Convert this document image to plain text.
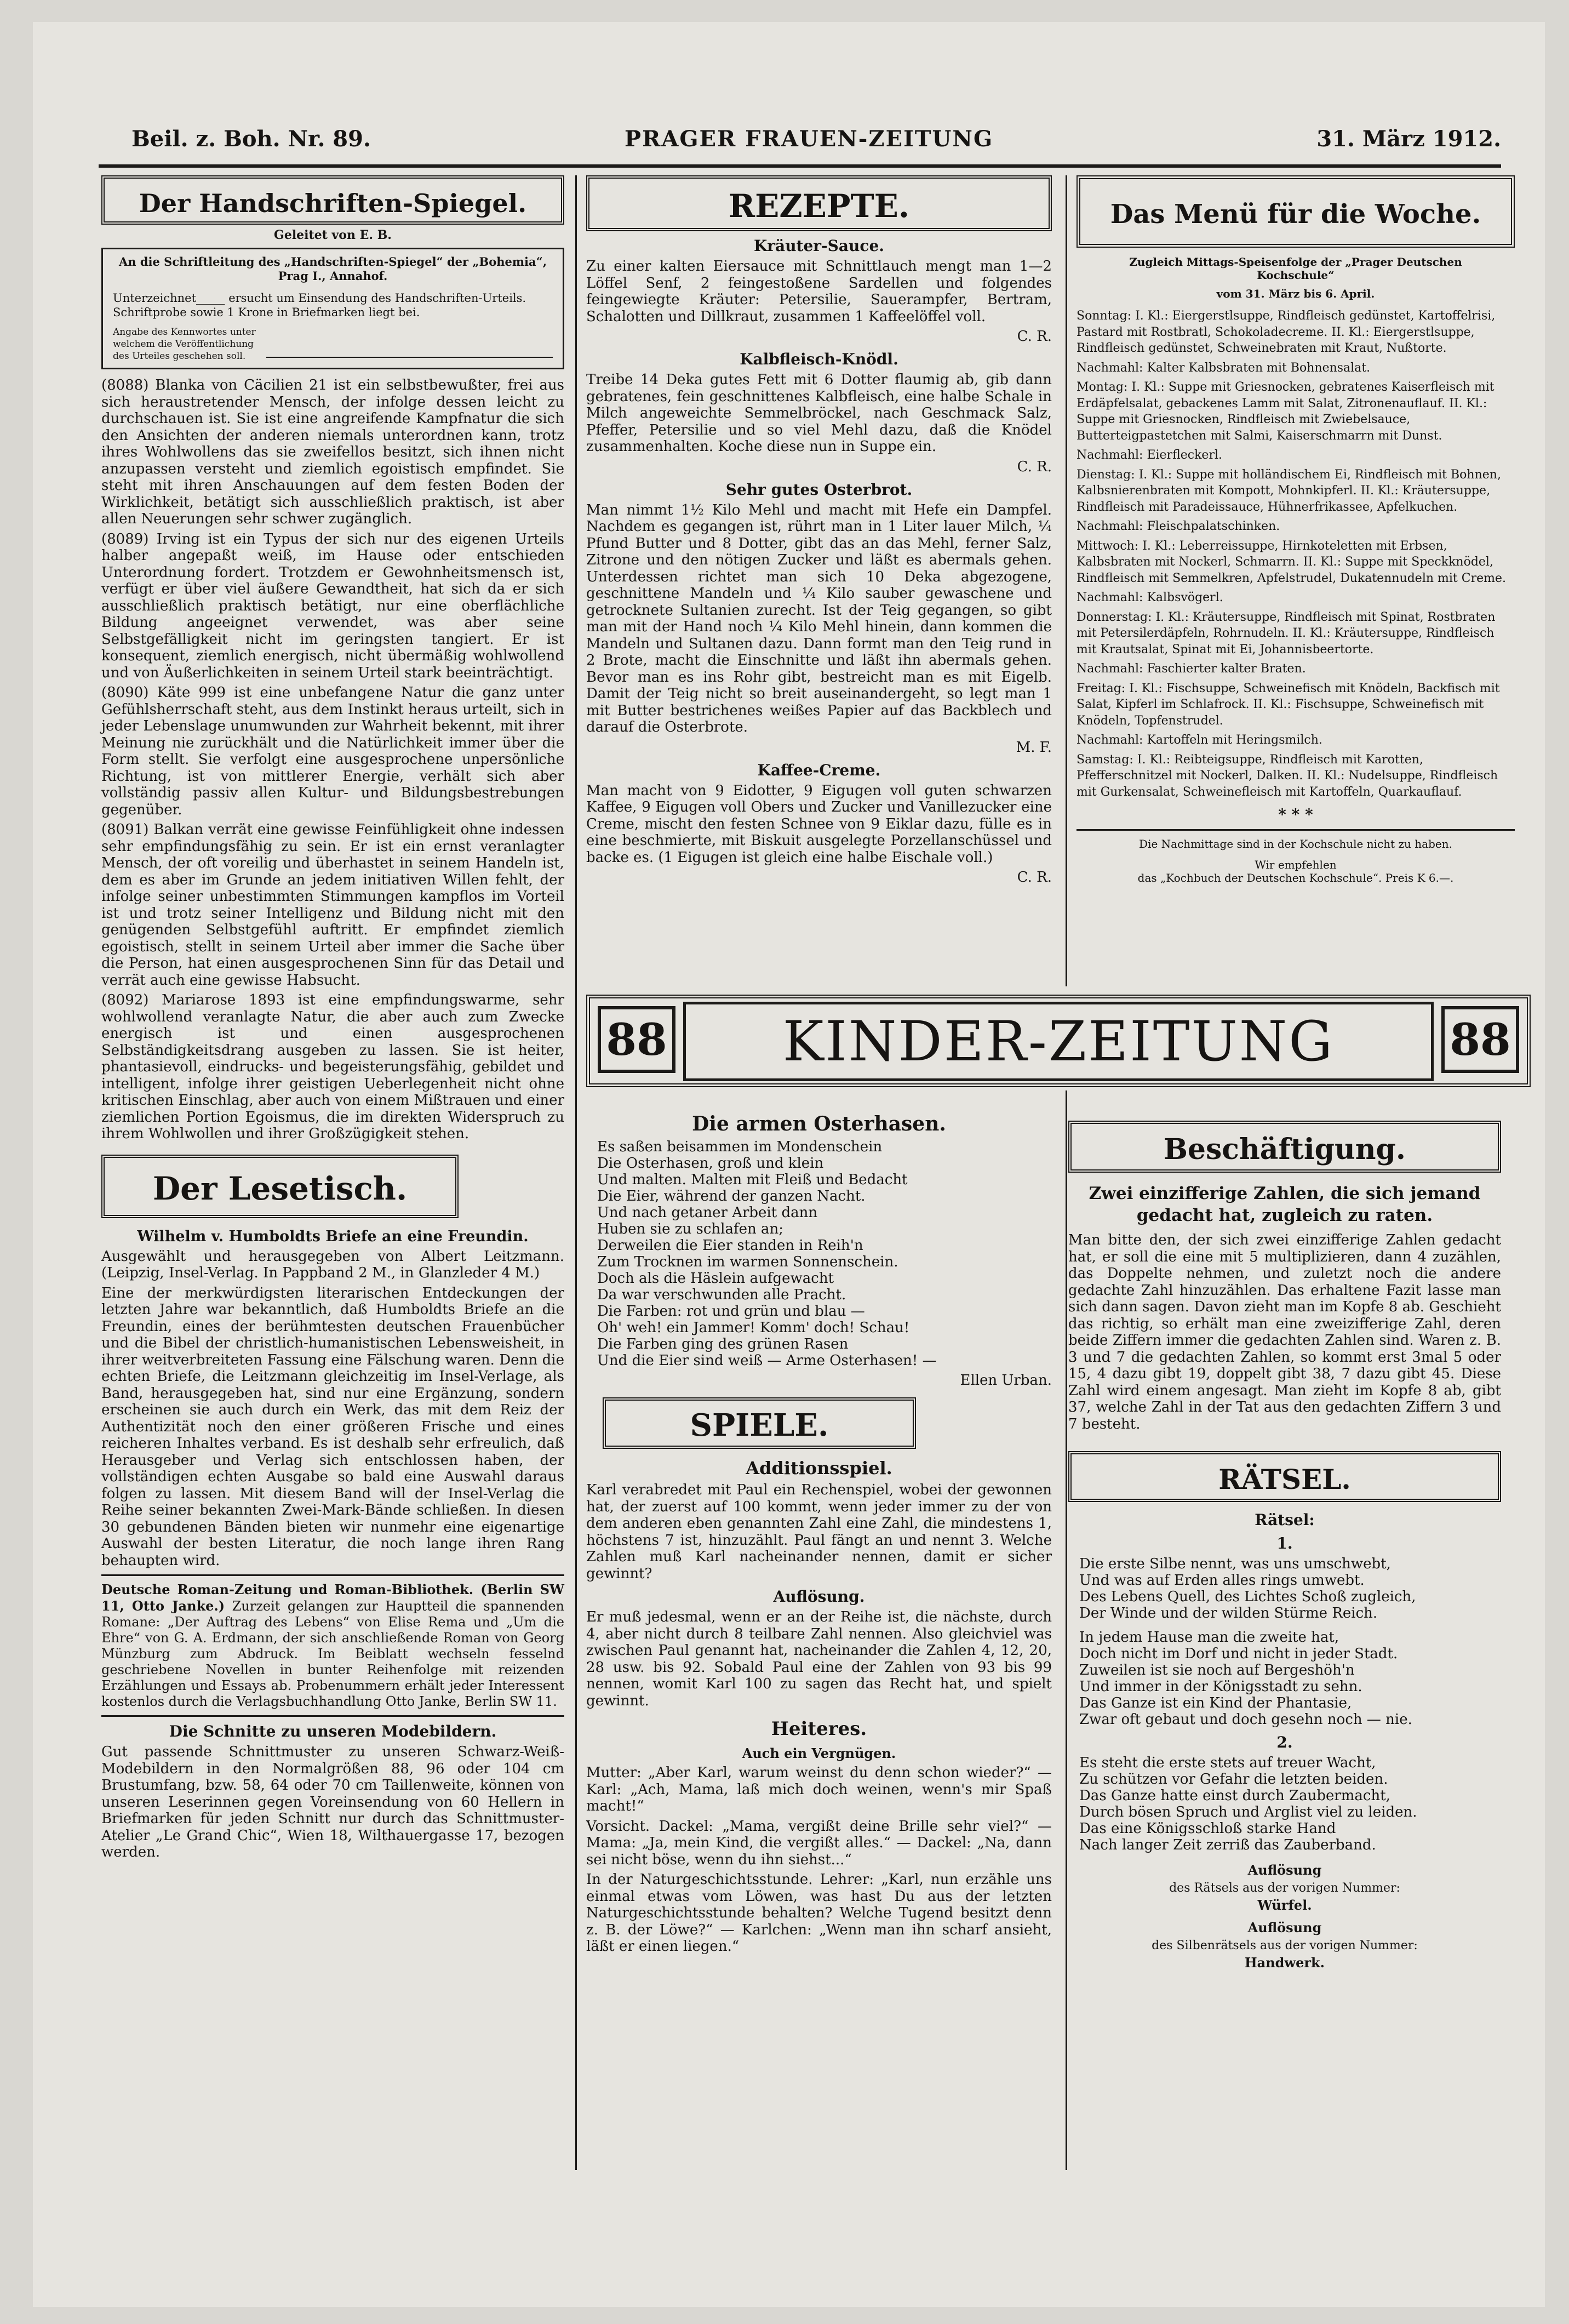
Beil. z. Boh. Nr. 89.	PRAGER FRAUEN-ZEITUNG	31. März 1912.
Der Handschriften-Spiegel.
Geleitet von E. B.
An die Schriftleitung des „Handschriften-Spiegel“ der „Bohemia“, Prag I., Annahof.
Unterzeichnet_____ ersucht um Einsendung des Handschriften-Urteils. Schriftprobe sowie 1 Krone in Briefmarken liegt bei.
Angabe des Kennwortes unter welchem die Veröffentlichung des Urteiles geschehen soll.

(8088) Blanka von Cäcilien 21 ist ein selbstbewußter, frei aus sich heraustretender Mensch, der infolge dessen leicht zu durchschauen ist. Sie ist eine angreifende Kampfnatur die sich den Ansichten der anderen niemals unterordnen kann, trotz ihres Wohlwollens das sie zweifellos besitzt, sich ihnen nicht anzupassen versteht und ziemlich egoistisch empfindet. Sie steht mit ihren Anschauungen auf dem festen Boden der Wirklichkeit, betätigt sich ausschließlich praktisch, ist aber allen Neuerungen sehr schwer zugänglich.

(8089) Irving ist ein Typus der sich nur des eigenen Urteils halber angepaßt weiß, im Hause oder entschieden Unterordnung fordert. Trotzdem er Gewohnheitsmensch ist, verfügt er über viel äußere Gewandtheit, hat sich da er sich ausschließlich praktisch betätigt, nur eine oberflächliche Bildung angeeignet verwendet, was aber seine Selbstgefälligkeit nicht im geringsten tangiert. Er ist konsequent, ziemlich energisch, nicht übermäßig wohlwollend und von Äußerlichkeiten in seinem Urteil stark beeinträchtigt.

(8090) Käte 999 ist eine unbefangene Natur die ganz unter Gefühlsherrschaft steht, aus dem Instinkt heraus urteilt, sich in jeder Lebenslage unumwunden zur Wahrheit bekennt, mit ihrer Meinung nie zurückhält und die Natürlichkeit immer über die Form stellt. Sie verfolgt eine ausgesprochene unpersönliche Richtung, ist von mittlerer Energie, verhält sich aber vollständig passiv allen Kultur- und Bildungsbestrebungen gegenüber.

(8091) Balkan verrät eine gewisse Feinfühligkeit ohne indessen sehr empfindungsfähig zu sein. Er ist ein ernst veranlagter Mensch, der oft voreilig und überhastet in seinem Handeln ist, dem es aber im Grunde an jedem initiativen Willen fehlt, der infolge seiner unbestimmten Stimmungen kampflos im Vorteil ist und trotz seiner Intelligenz und Bildung nicht mit den genügenden Selbstgefühl auftritt. Er empfindet ziemlich egoistisch, stellt in seinem Urteil aber immer die Sache über die Person, hat einen ausgesprochenen Sinn für das Detail und verrät auch eine gewisse Habsucht.

(8092) Mariarose 1893 ist eine empfindungswarme, sehr wohlwollend veranlagte Natur, die aber auch zum Zwecke energisch ist und einen ausgesprochenen Selbständigkeitsdrang ausgeben zu lassen. Sie ist heiter, phantasievoll, eindrucks- und begeisterungsfähig, gebildet und intelligent, infolge ihrer geistigen Ueberlegenheit nicht ohne kritischen Einschlag, aber auch von einem Mißtrauen und einer ziemlichen Portion Egoismus, die im direkten Widerspruch zu ihrem Wohlwollen und ihrer Großzügigkeit stehen.

Der Lesetisch.
Wilhelm v. Humboldts Briefe an eine Freundin.

Ausgewählt und herausgegeben von Albert Leitzmann. (Leipzig, Insel-Verlag. In Pappband 2 M., in Glanzleder 4 M.)

Eine der merkwürdigsten literarischen Entdeckungen der letzten Jahre war bekanntlich, daß Humboldts Briefe an die Freundin, eines der berühmtesten deutschen Frauenbücher und die Bibel der christlich-humanistischen Lebensweisheit, in ihrer weitverbreiteten Fassung eine Fälschung waren. Denn die echten Briefe, die Leitzmann gleichzeitig im Insel-Verlage, als Band, herausgegeben hat, sind nur eine Ergänzung, sondern erscheinen sie auch durch ein Werk, das mit dem Reiz der Authentizität noch den einer größeren Frische und eines reicheren Inhaltes verband. Es ist deshalb sehr erfreulich, daß Herausgeber und Verlag sich entschlossen haben, der vollständigen echten Ausgabe so bald eine Auswahl daraus folgen zu lassen. Mit diesem Band will der Insel-Verlag die Reihe seiner bekannten Zwei-Mark-Bände schließen. In diesen 30 gebundenen Bänden bieten wir nunmehr eine eigenartige Auswahl der besten Literatur, die noch lange ihren Rang behaupten wird.

Deutsche Roman-Zeitung und Roman-Bibliothek. (Berlin SW 11, Otto Janke.) Zurzeit gelangen zur Hauptteil die spannenden Romane: „Der Auftrag des Lebens“ von Elise Rema und „Um die Ehre“ von G. A. Erdmann, der sich anschließende Roman von Georg Münzburg zum Abdruck. Im Beiblatt wechseln fesselnd geschriebene Novellen in bunter Reihenfolge mit reizenden Erzählungen und Essays ab. Probenummern erhält jeder Interessent kostenlos durch die Verlagsbuchhandlung Otto Janke, Berlin SW 11.

Die Schnitte zu unseren Modebildern.

Gut passende Schnittmuster zu unseren Schwarz-Weiß-Modebildern in den Normalgrößen 88, 96 oder 104 cm Brustumfang, bzw. 58, 64 oder 70 cm Taillenweite, können von unseren Leserinnen gegen Voreinsendung von 60 Hellern in Briefmarken für jeden Schnitt nur durch das Schnittmuster-Atelier „Le Grand Chic“, Wien 18, Wilthauergasse 17, bezogen werden.

REZEPTE.
Kräuter-Sauce.

Zu einer kalten Eiersauce mit Schnittlauch mengt man 1—2 Löffel Senf, 2 feingestoßene Sardellen und folgendes feingewiegte Kräuter: Petersilie, Sauerampfer, Bertram, Schalotten und Dillkraut, zusammen 1 Kaffeelöffel voll.

C. R.
Kalbfleisch-Knödl.

Treibe 14 Deka gutes Fett mit 6 Dotter flaumig ab, gib dann gebratenes, fein geschnittenes Kalbfleisch, eine halbe Schale in Milch angeweichte Semmelbröckel, nach Geschmack Salz, Pfeffer, Petersilie und so viel Mehl dazu, daß die Knödel zusammenhalten. Koche diese nun in Suppe ein.

C. R.
Sehr gutes Osterbrot.

Man nimmt 1½ Kilo Mehl und macht mit Hefe ein Dampfel. Nachdem es gegangen ist, rührt man in 1 Liter lauer Milch, ¼ Pfund Butter und 8 Dotter, gibt das an das Mehl, ferner Salz, Zitrone und den nötigen Zucker und läßt es abermals gehen. Unterdessen richtet man sich 10 Deka abgezogene, geschnittene Mandeln und ¼ Kilo sauber gewaschene und getrocknete Sultanien zurecht. Ist der Teig gegangen, so gibt man mit der Hand noch ¼ Kilo Mehl hinein, dann kommen die Mandeln und Sultanen dazu. Dann formt man den Teig rund in 2 Brote, macht die Einschnitte und läßt ihn abermals gehen. Bevor man es ins Rohr gibt, bestreicht man es mit Eigelb. Damit der Teig nicht so breit auseinandergeht, so legt man 1 mit Butter bestrichenes weißes Papier auf das Backblech und darauf die Osterbrote.

M. F.
Kaffee-Creme.

Man macht von 9 Eidotter, 9 Eigugen voll guten schwarzen Kaffee, 9 Eigugen voll Obers und Zucker und Vanillezucker eine Creme, mischt den festen Schnee von 9 Eiklar dazu, fülle es in eine beschmierte, mit Biskuit ausgelegte Porzellanschüssel und backe es. (1 Eigugen ist gleich eine halbe Eischale voll.)

C. R.
Das Menü für die Woche.
Zugleich Mittags-Speisenfolge der „Prager Deutschen Kochschule“
vom 31. März bis 6. April.

Sonntag: I. Kl.: Eiergerstlsuppe, Rindfleisch gedünstet, Kartoffelrisi, Pastard mit Rostbratl, Schokoladecreme. II. Kl.: Eiergerstlsuppe, Rindfleisch gedünstet, Schweinebraten mit Kraut, Nußtorte.

Nachmahl: Kalter Kalbsbraten mit Bohnensalat.

Montag: I. Kl.: Suppe mit Griesnocken, gebratenes Kaiserfleisch mit Erdäpfelsalat, gebackenes Lamm mit Salat, Zitronenauflauf. II. Kl.: Suppe mit Griesnocken, Rindfleisch mit Zwiebelsauce, Butterteigpastetchen mit Salmi, Kaiserschmarrn mit Dunst.

Nachmahl: Eierfleckerl.

Dienstag: I. Kl.: Suppe mit holländischem Ei, Rindfleisch mit Bohnen, Kalbsnierenbraten mit Kompott, Mohnkipferl. II. Kl.: Kräutersuppe, Rindfleisch mit Paradeissauce, Hühnerfrikassee, Apfelkuchen.

Nachmahl: Fleischpalatschinken.

Mittwoch: I. Kl.: Leberreissuppe, Hirnkoteletten mit Erbsen, Kalbsbraten mit Nockerl, Schmarrn. II. Kl.: Suppe mit Speckknödel, Rindfleisch mit Semmelkren, Apfelstrudel, Dukatennudeln mit Creme.

Nachmahl: Kalbsvögerl.

Donnerstag: I. Kl.: Kräutersuppe, Rindfleisch mit Spinat, Rostbraten mit Petersilerdäpfeln, Rohrnudeln. II. Kl.: Kräutersuppe, Rindfleisch mit Krautsalat, Spinat mit Ei, Johannisbeertorte.

Nachmahl: Faschierter kalter Braten.

Freitag: I. Kl.: Fischsuppe, Schweinefisch mit Knödeln, Backfisch mit Salat, Kipferl im Schlafrock. II. Kl.: Fischsuppe, Schweinefisch mit Knödeln, Topfenstrudel.

Nachmahl: Kartoffeln mit Heringsmilch.

Samstag: I. Kl.: Reibteigsuppe, Rindfleisch mit Karotten, Pfefferschnitzel mit Nockerl, Dalken. II. Kl.: Nudelsuppe, Rindfleisch mit Gurkensalat, Schweinefleisch mit Kartoffeln, Quarkauflauf.

* * *
Die Nachmittage sind in der Kochschule nicht zu haben.
Wir empfehlen
das „Kochbuch der Deutschen Kochschule“. Preis K 6.—.
88	KINDER-ZEITUNG	88
Die armen Osterhasen.
Es saßen beisammen im Mondenschein
Die Osterhasen, groß und klein
Und malten. Malten mit Fleiß und Bedacht
Die Eier, während der ganzen Nacht.
Und nach getaner Arbeit dann
Huben sie zu schlafen an;
Derweilen die Eier standen in Reih'n
Zum Trocknen im warmen Sonnenschein.
Doch als die Häslein aufgewacht
Da war verschwunden alle Pracht.
Die Farben: rot und grün und blau —
Oh' weh! ein Jammer! Komm' doch! Schau!
Die Farben ging des grünen Rasen
Und die Eier sind weiß — Arme Osterhasen! —
Ellen Urban.
SPIELE.
Additionsspiel.

Karl verabredet mit Paul ein Rechenspiel, wobei der gewonnen hat, der zuerst auf 100 kommt, wenn jeder immer zu der von dem anderen eben genannten Zahl eine Zahl, die mindestens 1, höchstens 7 ist, hinzuzählt. Paul fängt an und nennt 3. Welche Zahlen muß Karl nacheinander nennen, damit er sicher gewinnt?

Auflösung.

Er muß jedesmal, wenn er an der Reihe ist, die nächste, durch 4, aber nicht durch 8 teilbare Zahl nennen. Also gleichviel was zwischen Paul genannt hat, nacheinander die Zahlen 4, 12, 20, 28 usw. bis 92. Sobald Paul eine der Zahlen von 93 bis 99 nennen, womit Karl 100 zu sagen das Recht hat, und spielt gewinnt.

Heiteres.
Auch ein Vergnügen.

Mutter: „Aber Karl, warum weinst du denn schon wieder?“ — Karl: „Ach, Mama, laß mich doch weinen, wenn's mir Spaß macht!“

Vorsicht. Dackel: „Mama, vergißt deine Brille sehr viel?“ — Mama: „Ja, mein Kind, die vergißt alles.“ — Dackel: „Na, dann sei nicht böse, wenn du ihn siehst...“

In der Naturgeschichtsstunde. Lehrer: „Karl, nun erzähle uns einmal etwas vom Löwen, was hast Du aus der letzten Naturgeschichtsstunde behalten? Welche Tugend besitzt denn z. B. der Löwe?“ — Karlchen: „Wenn man ihn scharf ansieht, läßt er einen liegen.“

Beschäftigung.
Zwei einzifferige Zahlen, die sich jemand gedacht hat, zugleich zu raten.

Man bitte den, der sich zwei einzifferige Zahlen gedacht hat, er soll die eine mit 5 multiplizieren, dann 4 zuzählen, das Doppelte nehmen, und zuletzt noch die andere gedachte Zahl hinzuzählen. Das erhaltene Fazit lasse man sich dann sagen. Davon zieht man im Kopfe 8 ab. Geschieht das richtig, so erhält man eine zweizifferige Zahl, deren beide Ziffern immer die gedachten Zahlen sind. Waren z. B. 3 und 7 die gedachten Zahlen, so kommt erst 3mal 5 oder 15, 4 dazu gibt 19, doppelt gibt 38, 7 dazu gibt 45. Diese Zahl wird einem angesagt. Man zieht im Kopfe 8 ab, gibt 37, welche Zahl in der Tat aus den gedachten Ziffern 3 und 7 besteht.

RÄTSEL.
Rätsel:
1.
Die erste Silbe nennt, was uns umschwebt,
Und was auf Erden alles rings umwebt.
Des Lebens Quell, des Lichtes Schoß zugleich,
Der Winde und der wilden Stürme Reich.
In jedem Hause man die zweite hat,
Doch nicht im Dorf und nicht in jeder Stadt.
Zuweilen ist sie noch auf Bergeshöh'n
Und immer in der Königsstadt zu sehn.
Das Ganze ist ein Kind der Phantasie,
Zwar oft gebaut und doch gesehn noch — nie.
2.
Es steht die erste stets auf treuer Wacht,
Zu schützen vor Gefahr die letzten beiden.
Das Ganze hatte einst durch Zaubermacht,
Durch bösen Spruch und Arglist viel zu leiden.
Das eine Königsschloß starke Hand
Nach langer Zeit zerriß das Zauberband.
Auflösung
des Rätsels aus der vorigen Nummer:
Würfel.
Auflösung
des Silbenrätsels aus der vorigen Nummer:
Handwerk.
